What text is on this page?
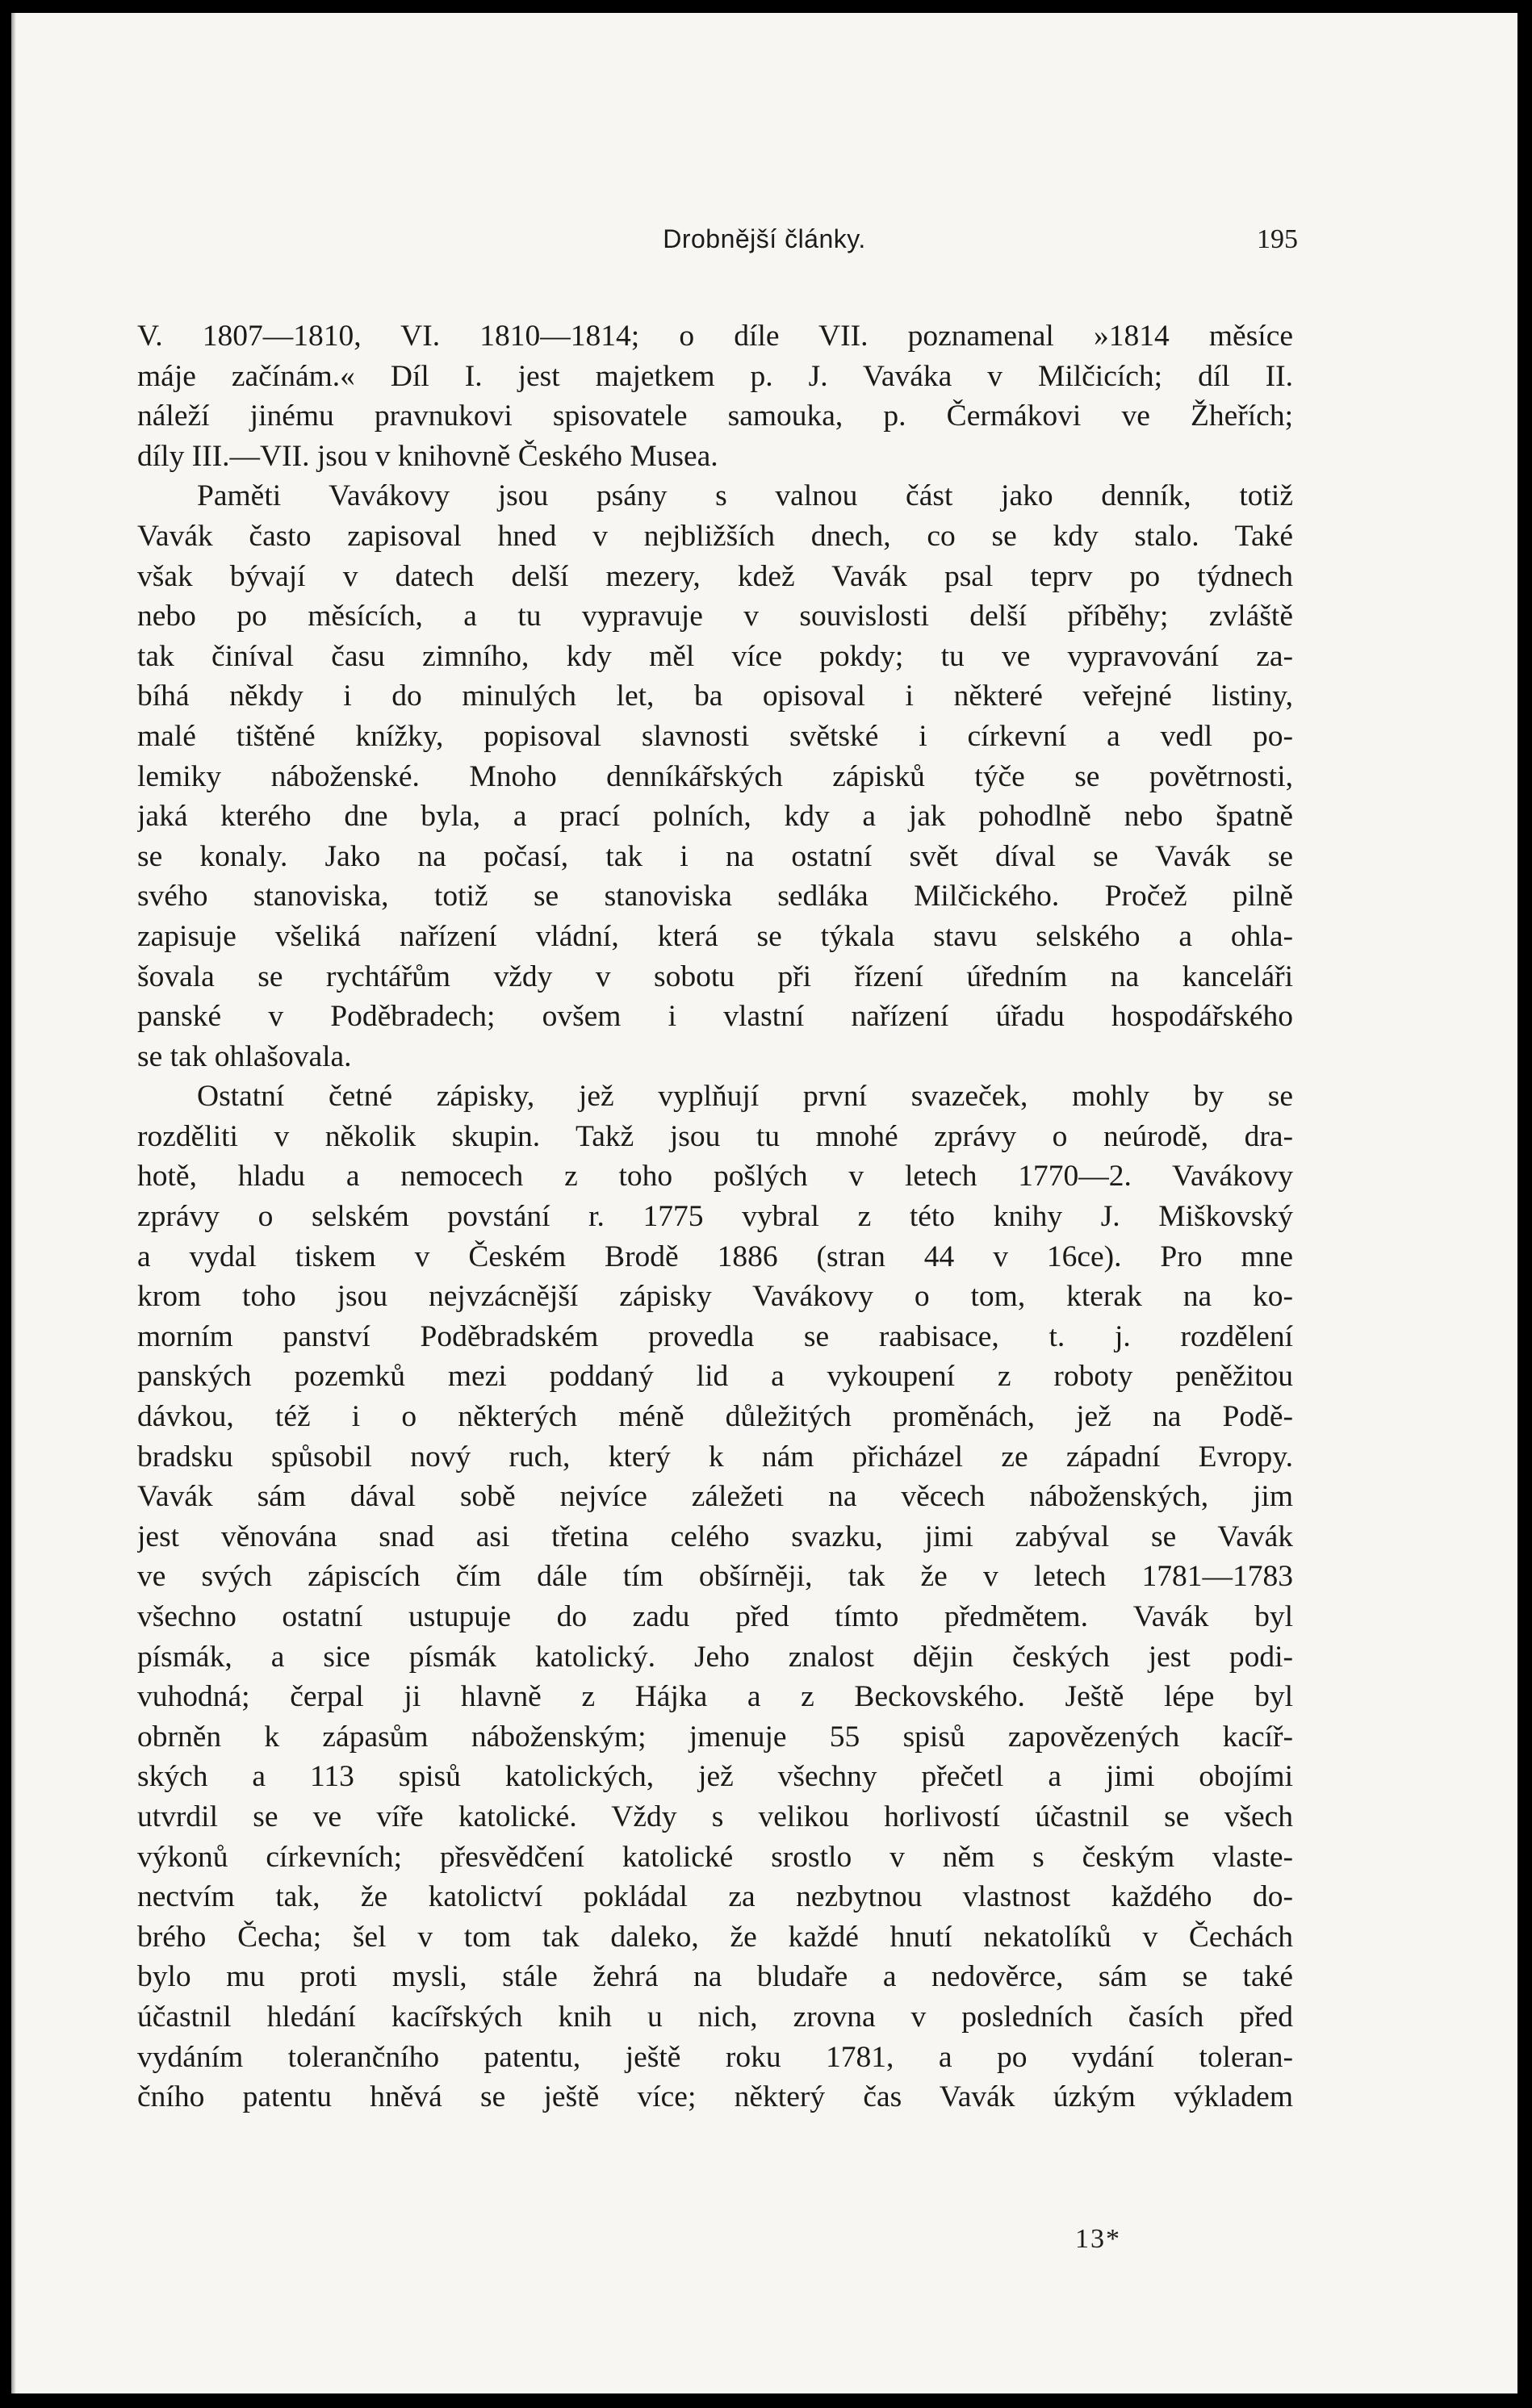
Drobnější články.	195
V. 1807—1810, VI. 1810—1814; o díle VII. poznamenal »1814 měsíce
máje začínám.« Díl I. jest majetkem p. J. Vaváka v Milčicích; díl II.
náleží jinému pravnukovi spisovatele samouka, p. Čermákovi ve Žheřích;
díly III.—VII. jsou v knihovně Českého Musea.
Paměti Vavákovy jsou psány s valnou část jako denník, totiž
Vavák často zapisoval hned v nejbližších dnech, co se kdy stalo. Také
však bývají v datech delší mezery, kdež Vavák psal teprv po týdnech
nebo po měsících, a tu vypravuje v souvislosti delší příběhy; zvláště
tak činíval času zimního, kdy měl více pokdy; tu ve vypravování za-
bíhá někdy i do minulých let, ba opisoval i některé veřejné listiny,
malé tištěné knížky, popisoval slavnosti světské i církevní a vedl po-
lemiky náboženské. Mnoho denníkářských zápisků týče se povětrnosti,
jaká kterého dne byla, a prací polních, kdy a jak pohodlně nebo špatně
se konaly. Jako na počasí, tak i na ostatní svět díval se Vavák se
svého stanoviska, totiž se stanoviska sedláka Milčického. Pročež pilně
zapisuje všeliká nařízení vládní, která se týkala stavu selského a ohla-
šovala se rychtářům vždy v sobotu při řízení úředním na kanceláři
panské v Poděbradech; ovšem i vlastní nařízení úřadu hospodářského
se tak ohlašovala.
Ostatní četné zápisky, jež vyplňují první svazeček, mohly by se
rozděliti v několik skupin. Takž jsou tu mnohé zprávy o neúrodě, dra-
hotě, hladu a nemocech z toho pošlých v letech 1770—2. Vavákovy
zprávy o selském povstání r. 1775 vybral z této knihy J. Miškovský
a vydal tiskem v Českém Brodě 1886 (stran 44 v 16ce). Pro mne
krom toho jsou nejvzácnější zápisky Vavákovy o tom, kterak na ko-
morním panství Poděbradském provedla se raabisace, t. j. rozdělení
panských pozemků mezi poddaný lid a vykoupení z roboty peněžitou
dávkou, též i o některých méně důležitých proměnách, jež na Podě-
bradsku spůsobil nový ruch, který k nám přicházel ze západní Evropy.
Vavák sám dával sobě nejvíce záležeti na věcech náboženských, jim
jest věnována snad asi třetina celého svazku, jimi zabýval se Vavák
ve svých zápiscích čím dále tím obšírněji, tak že v letech 1781—1783
všechno ostatní ustupuje do zadu před tímto předmětem. Vavák byl
písmák, a sice písmák katolický. Jeho znalost dějin českých jest podi-
vuhodná; čerpal ji hlavně z Hájka a z Beckovského. Ještě lépe byl
obrněn k zápasům náboženským; jmenuje 55 spisů zapovězených kacíř-
ských a 113 spisů katolických, jež všechny přečetl a jimi obojími
utvrdil se ve víře katolické. Vždy s velikou horlivostí účastnil se všech
výkonů církevních; přesvědčení katolické srostlo v něm s českým vlaste-
nectvím tak, že katolictví pokládal za nezbytnou vlastnost každého do-
brého Čecha; šel v tom tak daleko, že každé hnutí nekatolíků v Čechách
bylo mu proti mysli, stále žehrá na bludaře a nedověrce, sám se také
účastnil hledání kacířských knih u nich, zrovna v posledních časích před
vydáním tolerančního patentu, ještě roku 1781, a po vydání toleran-
čního patentu hněvá se ještě více; některý čas Vavák úzkým výkladem
13*
